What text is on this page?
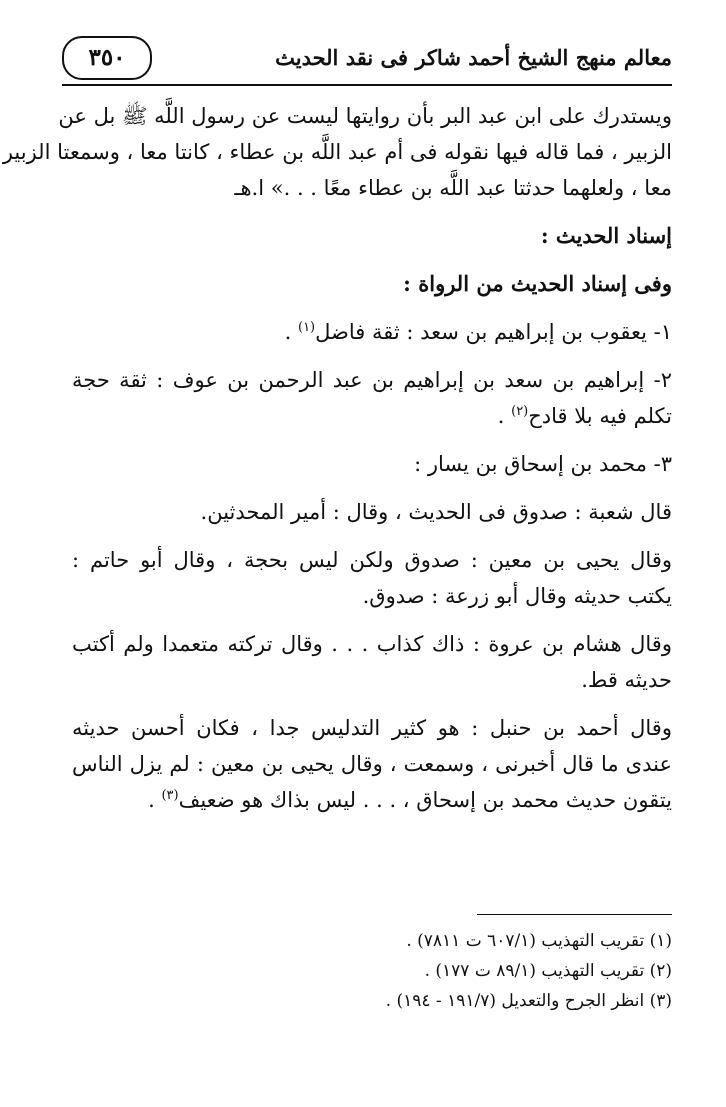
٣٥٠	معالم منهج الشيخ أحمد شاكر فى نقد الحديث
ويستدرك على ابن عبد البر بأن روايتها ليست عن رسول اللَّه ﷺ بل عن
الزبير ، فما قاله فيها نقوله فى أم عبد اللَّه بن عطاء ، كانتا معا ، وسمعتا الزبير
معا ، ولعلهما حدثتا عبد اللَّه بن عطاء معًا . . .» ا.هـ
إسناد الحديث :
وفى إسناد الحديث من الرواة :
١- يعقوب بن إبراهيم بن سعد : ثقة فاضل$^{(١)}$ .
٢- إبراهيم بن سعد بن إبراهيم بن عبد الرحمن بن عوف : ثقة حجة
تكلم فيه بلا قادح$^{(٢)}$ .
٣- محمد بن إسحاق بن يسار :
قال شعبة : صدوق فى الحديث ، وقال : أمير المحدثين.
وقال يحيى بن معين : صدوق ولكن ليس بحجة ، وقال أبو حاتم :
يكتب حديثه وقال أبو زرعة : صدوق.
وقال هشام بن عروة : ذاك كذاب . . . وقال تركته متعمدا ولم أكتب
حديثه قط.
وقال أحمد بن حنبل : هو كثير التدليس جدا ، فكان أحسن حديثه
عندى ما قال أخبرنى ، وسمعت ، وقال يحيى بن معين : لم يزل الناس
يتقون حديث محمد بن إسحاق ، . . . ليس بذاك هو ضعيف$^{(٣)}$ .
(١) تقريب التهذيب (٦٠٧/١ ت ٧٨١١) .
(٢) تقريب التهذيب (٨٩/١ ت ١٧٧) .
(٣) انظر الجرح والتعديل (١٩١/٧ - ١٩٤) .
